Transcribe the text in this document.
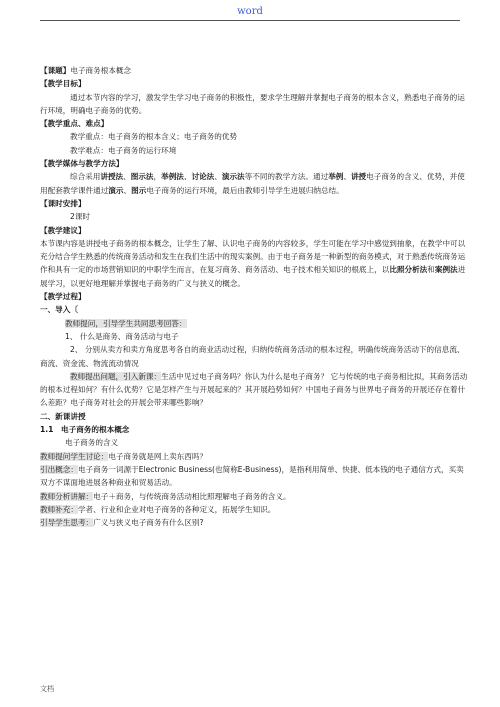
word

【课题】电子商务根本概念

【教学目标】

通过本节内容的学习，激发学生学习电子商务的积极性，要求学生理解并掌握电子商务的根本含义，熟悉电子商务的运行环境，明确电子商务的优势。

【教学重点、难点】

教学重点：电子商务的根本含义；电子商务的优势

教学难点：电子商务的运行环境

【教学媒体与教学方法】

综合采用讲授法、图示法，举例法、讨论法、演示法等不同的教学方法。通过举例、讲授电子商务的含义、优势，并使用配套教学课件通过演示、图示电子商务的运行环境，最后由教师引导学生进展归纳总结。

【课时安排】

2课时

【教学建议】

本节课内容是讲授电子商务的根本概念，让学生了解、认识电子商务的内容较多，学生可能在学习中感觉到抽象，在教学中可以充分结合学生熟悉的传统商务活动和发生在我们生活中的现实案例。由于电子商务是一种新型的商务模式，对于熟悉传统商务运作和具有一定的市场营销知识的中职学生而言，在复习商务、商务活动、电子技术相关知识的根底上，以比照分析法和案例法进展学习，以更好地理解并掌握电子商务的广义与狭义的概念。

【教学过程】

一、导入〔

教师提问，引导学生共同思考回答：

1、 什么是商务、商务活动与电子

2、 分别从卖方和卖方角度思考各自的商业活动过程，归纳传统商务活动的根本过程，明确传统商务活动下的信息流、商流、资金流、物流流动情况

教师提出问题，引入新课：生活中见过电子商务吗？你认为什么是电子商务？ 它与传统的电子商务相比拟，其商务活动的根本过程如何？有什么优势？它是怎样产生与开展起来的？其开展趋势如何？中国电子商务与世界电子商务的开展还存在着什么差距？电子商务对社会的开展会带来哪些影响？

二、新课讲授

1.1　电子商务的根本概念

电子商务的含义

教师提问学生讨论：电子商务就是网上卖东西吗？

引出概念：电子商务一词源于Electronic Business(也简称E-Business)，是指利用简单、快捷、低本钱的电子通信方式，买卖双方不谋面地进展各种商业和贸易活动。

教师分析讲解：电子＋商务，与传统商务活动相比照理解电子商务的含义。

教师补充：学者、行业和企业对电子商务的各种定义，拓展学生知识。

引导学生思考：广义与狭义电子商务有什么区别?

文档
